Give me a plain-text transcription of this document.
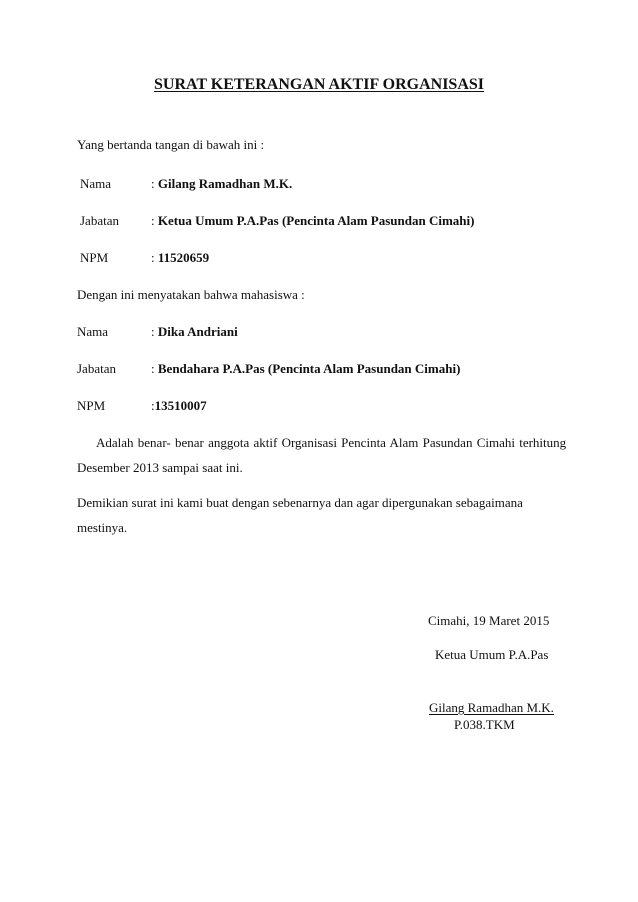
SURAT KETERANGAN AKTIF ORGANISASI
Yang bertanda tangan di bawah ini :
Nama	: Gilang Ramadhan M.K.
Jabatan : Ketua Umum P.A.Pas (Pencinta Alam Pasundan Cimahi)
NPM	: 11520659
Dengan ini menyatakan bahwa mahasiswa :
Nama	: Dika Andriani
Jabatan	: Bendahara P.A.Pas (Pencinta Alam Pasundan Cimahi)
NPM	:13510007
Adalah benar- benar anggota aktif Organisasi Pencinta Alam Pasundan Cimahi terhitung
Desember 2013 sampai saat ini.
Demikian surat ini kami buat dengan sebenarnya dan agar dipergunakan sebagaimana
mestinya.
Cimahi, 19 Maret 2015
Ketua Umum P.A.Pas
Gilang Ramadhan M.K.
P.038.TKM
